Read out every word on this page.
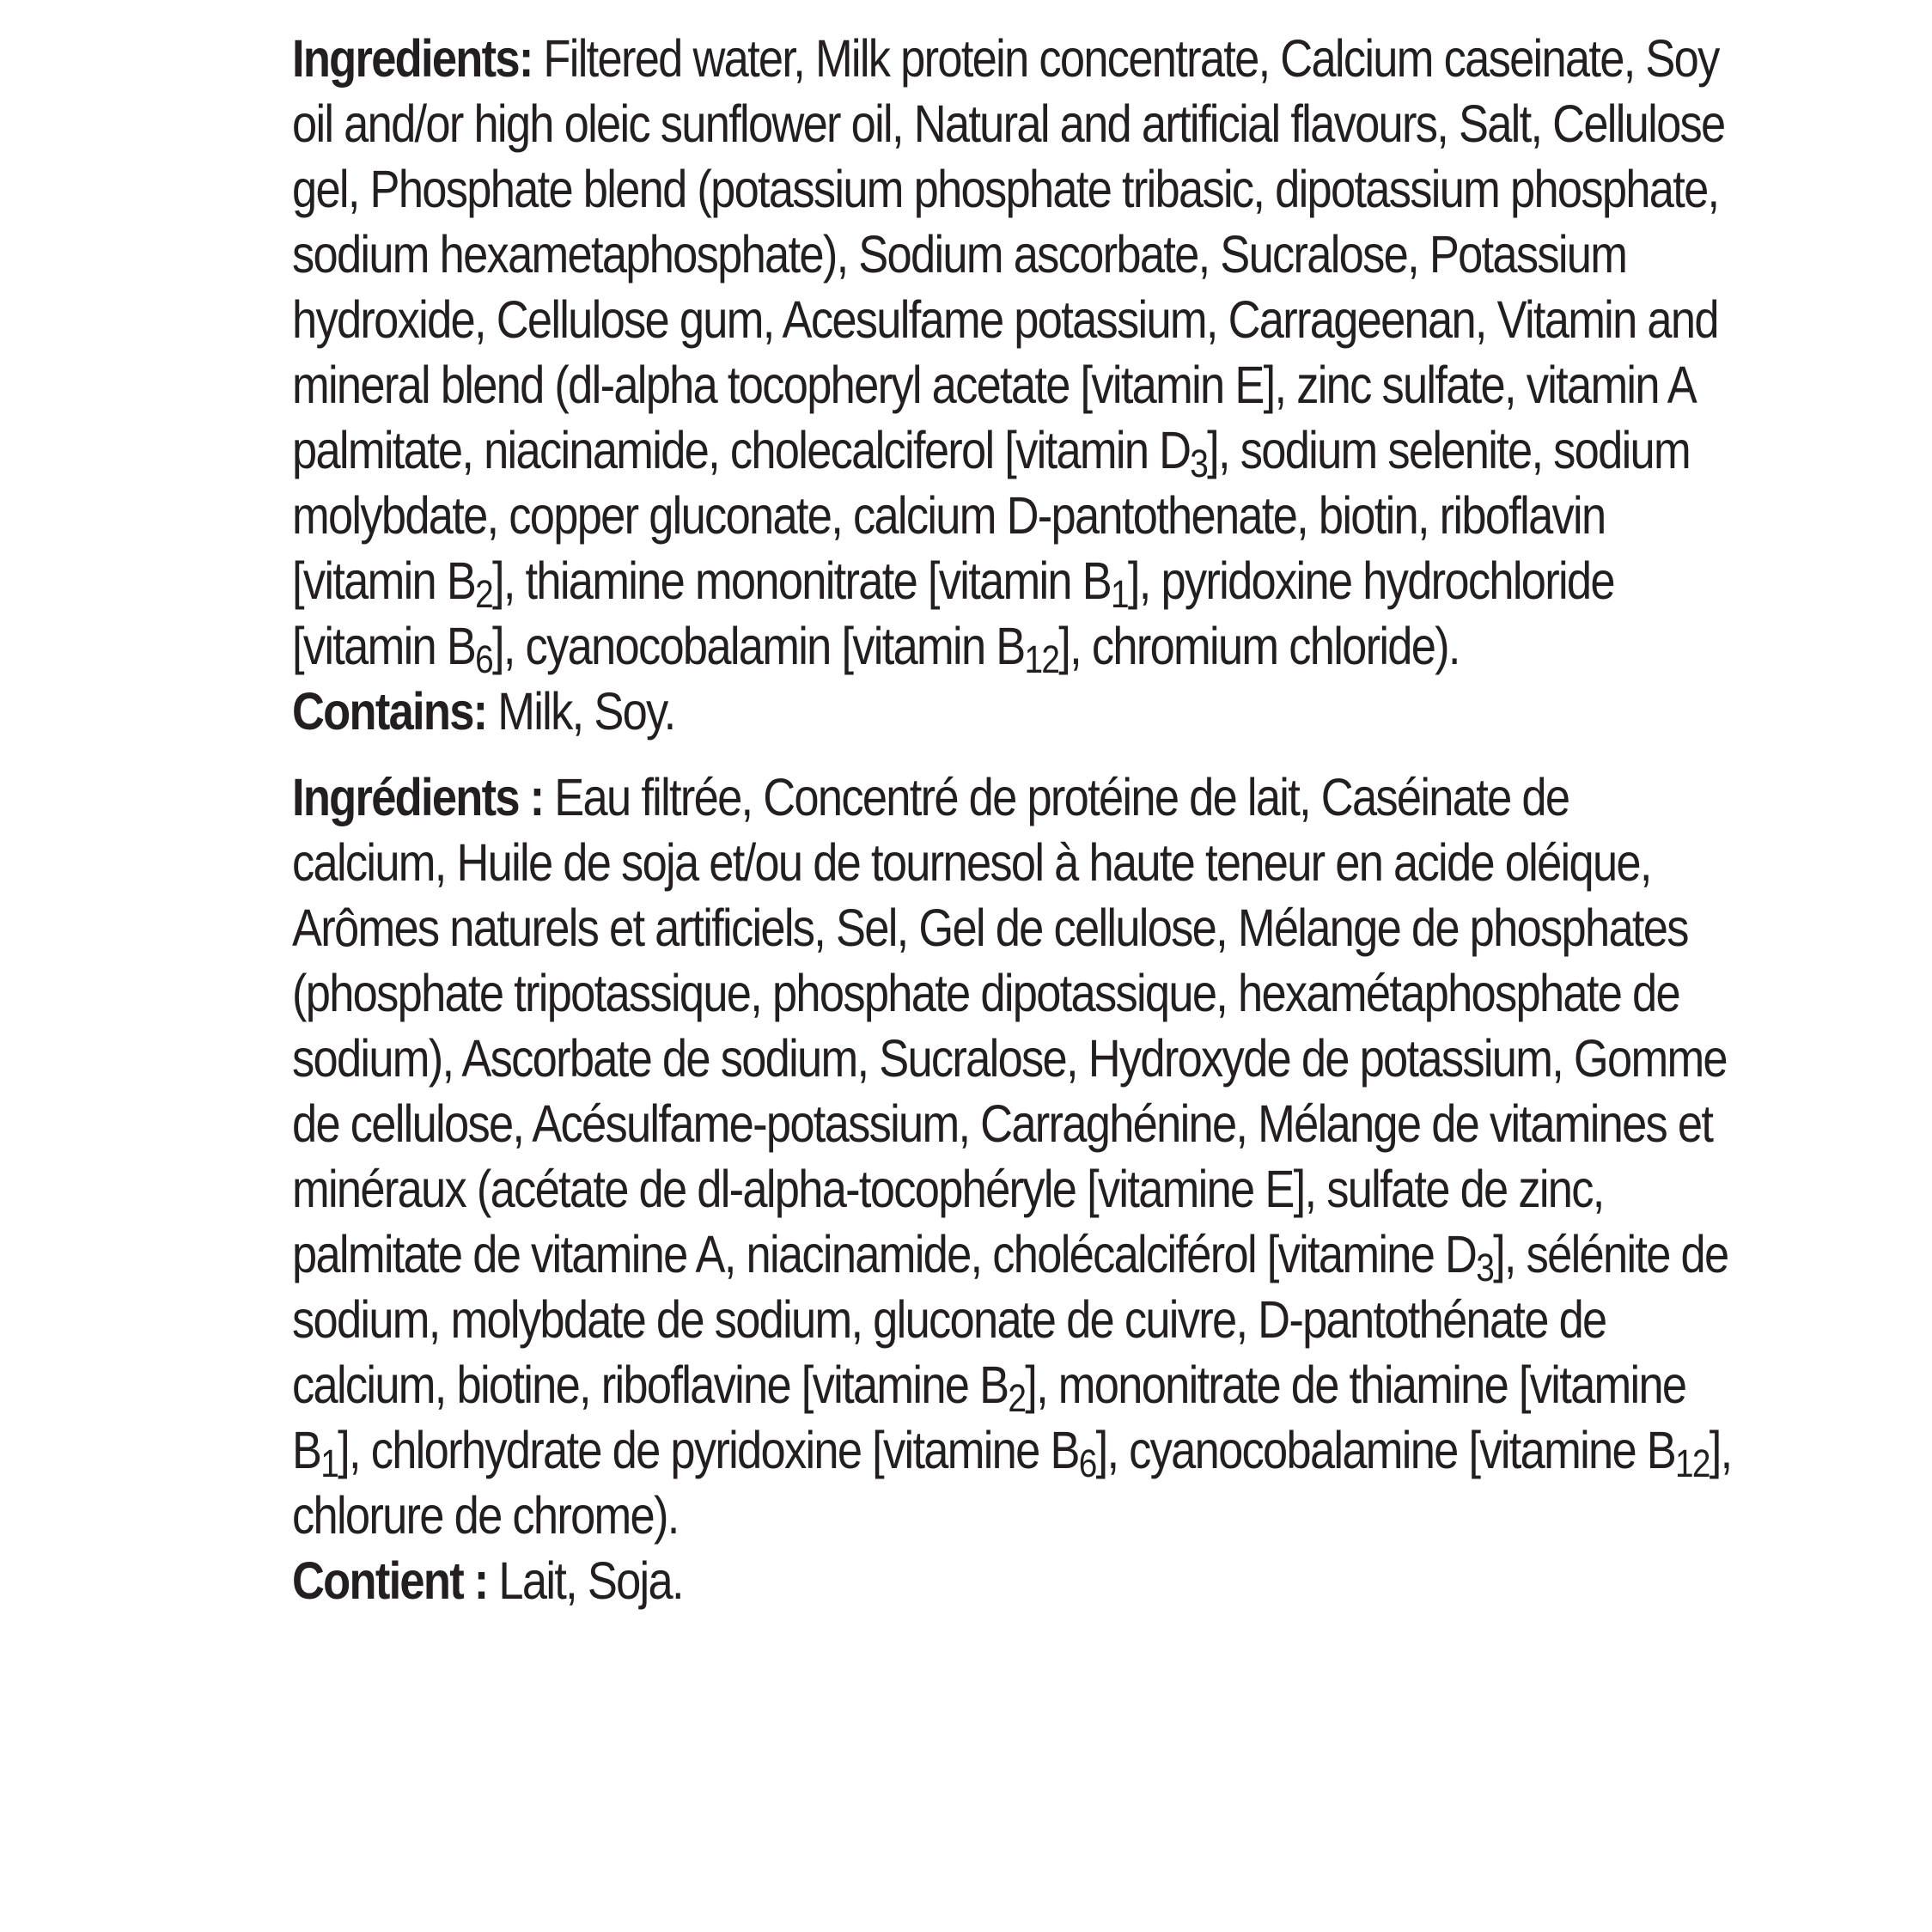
Ingredients: Filtered water, Milk protein concentrate, Calcium caseinate, Soy oil and/or high oleic sunflower oil, Natural and artificial flavours, Salt, Cellulose gel, Phosphate blend (potassium phosphate tribasic, dipotassium phosphate, sodium hexametaphosphate), Sodium ascorbate, Sucralose, Potassium hydroxide, Cellulose gum, Acesulfame potassium, Carrageenan, Vitamin and mineral blend (dl-alpha tocopheryl acetate [vitamin E], zinc sulfate, vitamin A palmitate, niacinamide, cholecalciferol [vitamin $D_3$], sodium selenite, sodium molybdate, copper gluconate, calcium D-pantothenate, biotin, riboflavin [vitamin $B_2$], thiamine mononitrate [vitamin $B_1$], pyridoxine hydrochloride [vitamin $B_6$], cyanocobalamin [vitamin $B_{12}$], chromium chloride).

Contains: Milk, Soy.

Ingrédients : Eau filtrée, Concentré de protéine de lait, Caséinate de calcium, Huile de soja et/ou de tournesol à haute teneur en acide oléique, Arômes naturels et artificiels, Sel, Gel de cellulose, Mélange de phosphates (phosphate tripotassique, phosphate dipotassique, hexamétaphosphate de sodium), Ascorbate de sodium, Sucralose, Hydroxyde de potassium, Gomme de cellulose, Acésulfame-potassium, Carraghénine, Mélange de vitamines et minéraux (acétate de dl-alpha-tocophéryle [vitamine E], sulfate de zinc, palmitate de vitamine A, niacinamide, cholécalciférol [vitamine $D_3$], sélénite de sodium, molybdate de sodium, gluconate de cuivre, D-pantothénate de calcium, biotine, riboflavine [vitamine $B_2$], mononitrate de thiamine [vitamine $B_1$], chlorhydrate de pyridoxine [vitamine $B_6$], cyanocobalamine [vitamine $B_{12}$], chlorure de chrome).

Contient : Lait, Soja.
